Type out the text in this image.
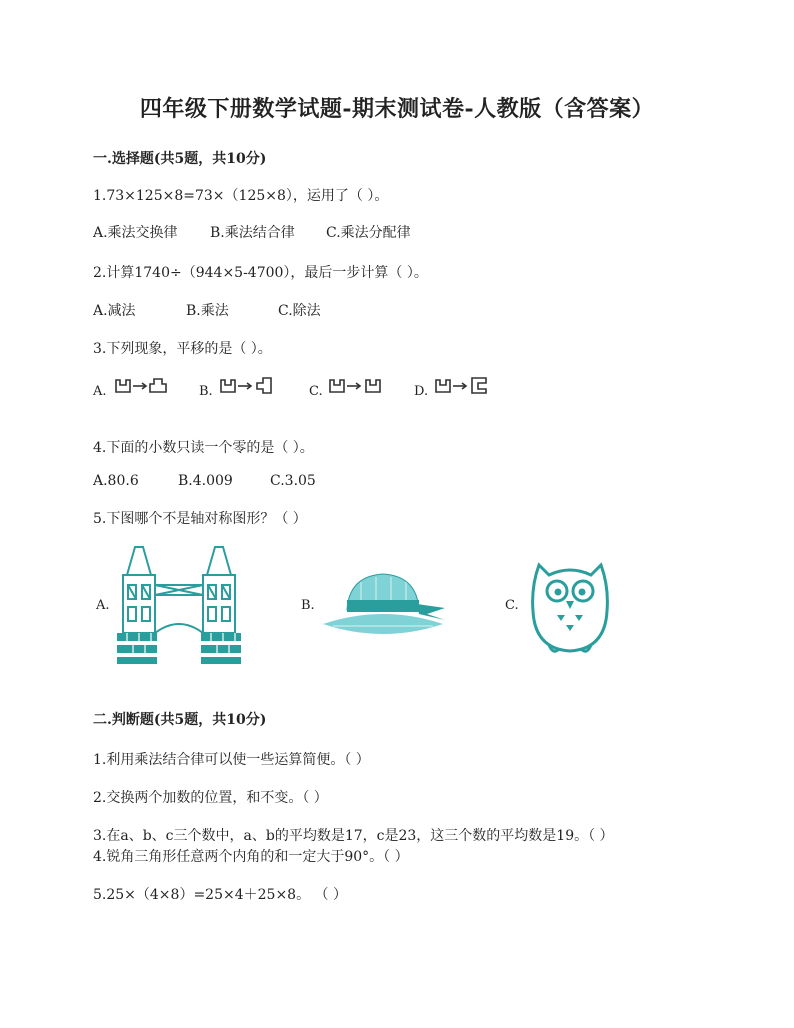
四年级下册数学试题-期末测试卷-人教版（含答案）
一.选择题(共5题，共10分)
1.73×125×8=73×（125×8），运用了（ ）。
A.乘法交换律 B.乘法结合律 C.乘法分配律
2.计算1740÷（944×5-4700），最后一步计算（ ）。
A.减法	B.乘法	C.除法
3.下列现象，平移的是（ ）。
A.	B.	C.	D.
4.下面的小数只读一个零的是（ ）。
A.80.6	B.4.009	C.3.05
5.下图哪个不是轴对称图形？（ ）
A.	B.	C.
二.判断题(共5题，共10分)
1.利用乘法结合律可以使一些运算简便。（ ）
2.交换两个加数的位置，和不变。（ ）
3.在a、b、c三个数中，a、b的平均数是17，c是23，这三个数的平均数是19。（ ）
4.锐角三角形任意两个内角的和一定大于90°。（ ）
5.25×（4×8）=25×4＋25×8。 （ ）
